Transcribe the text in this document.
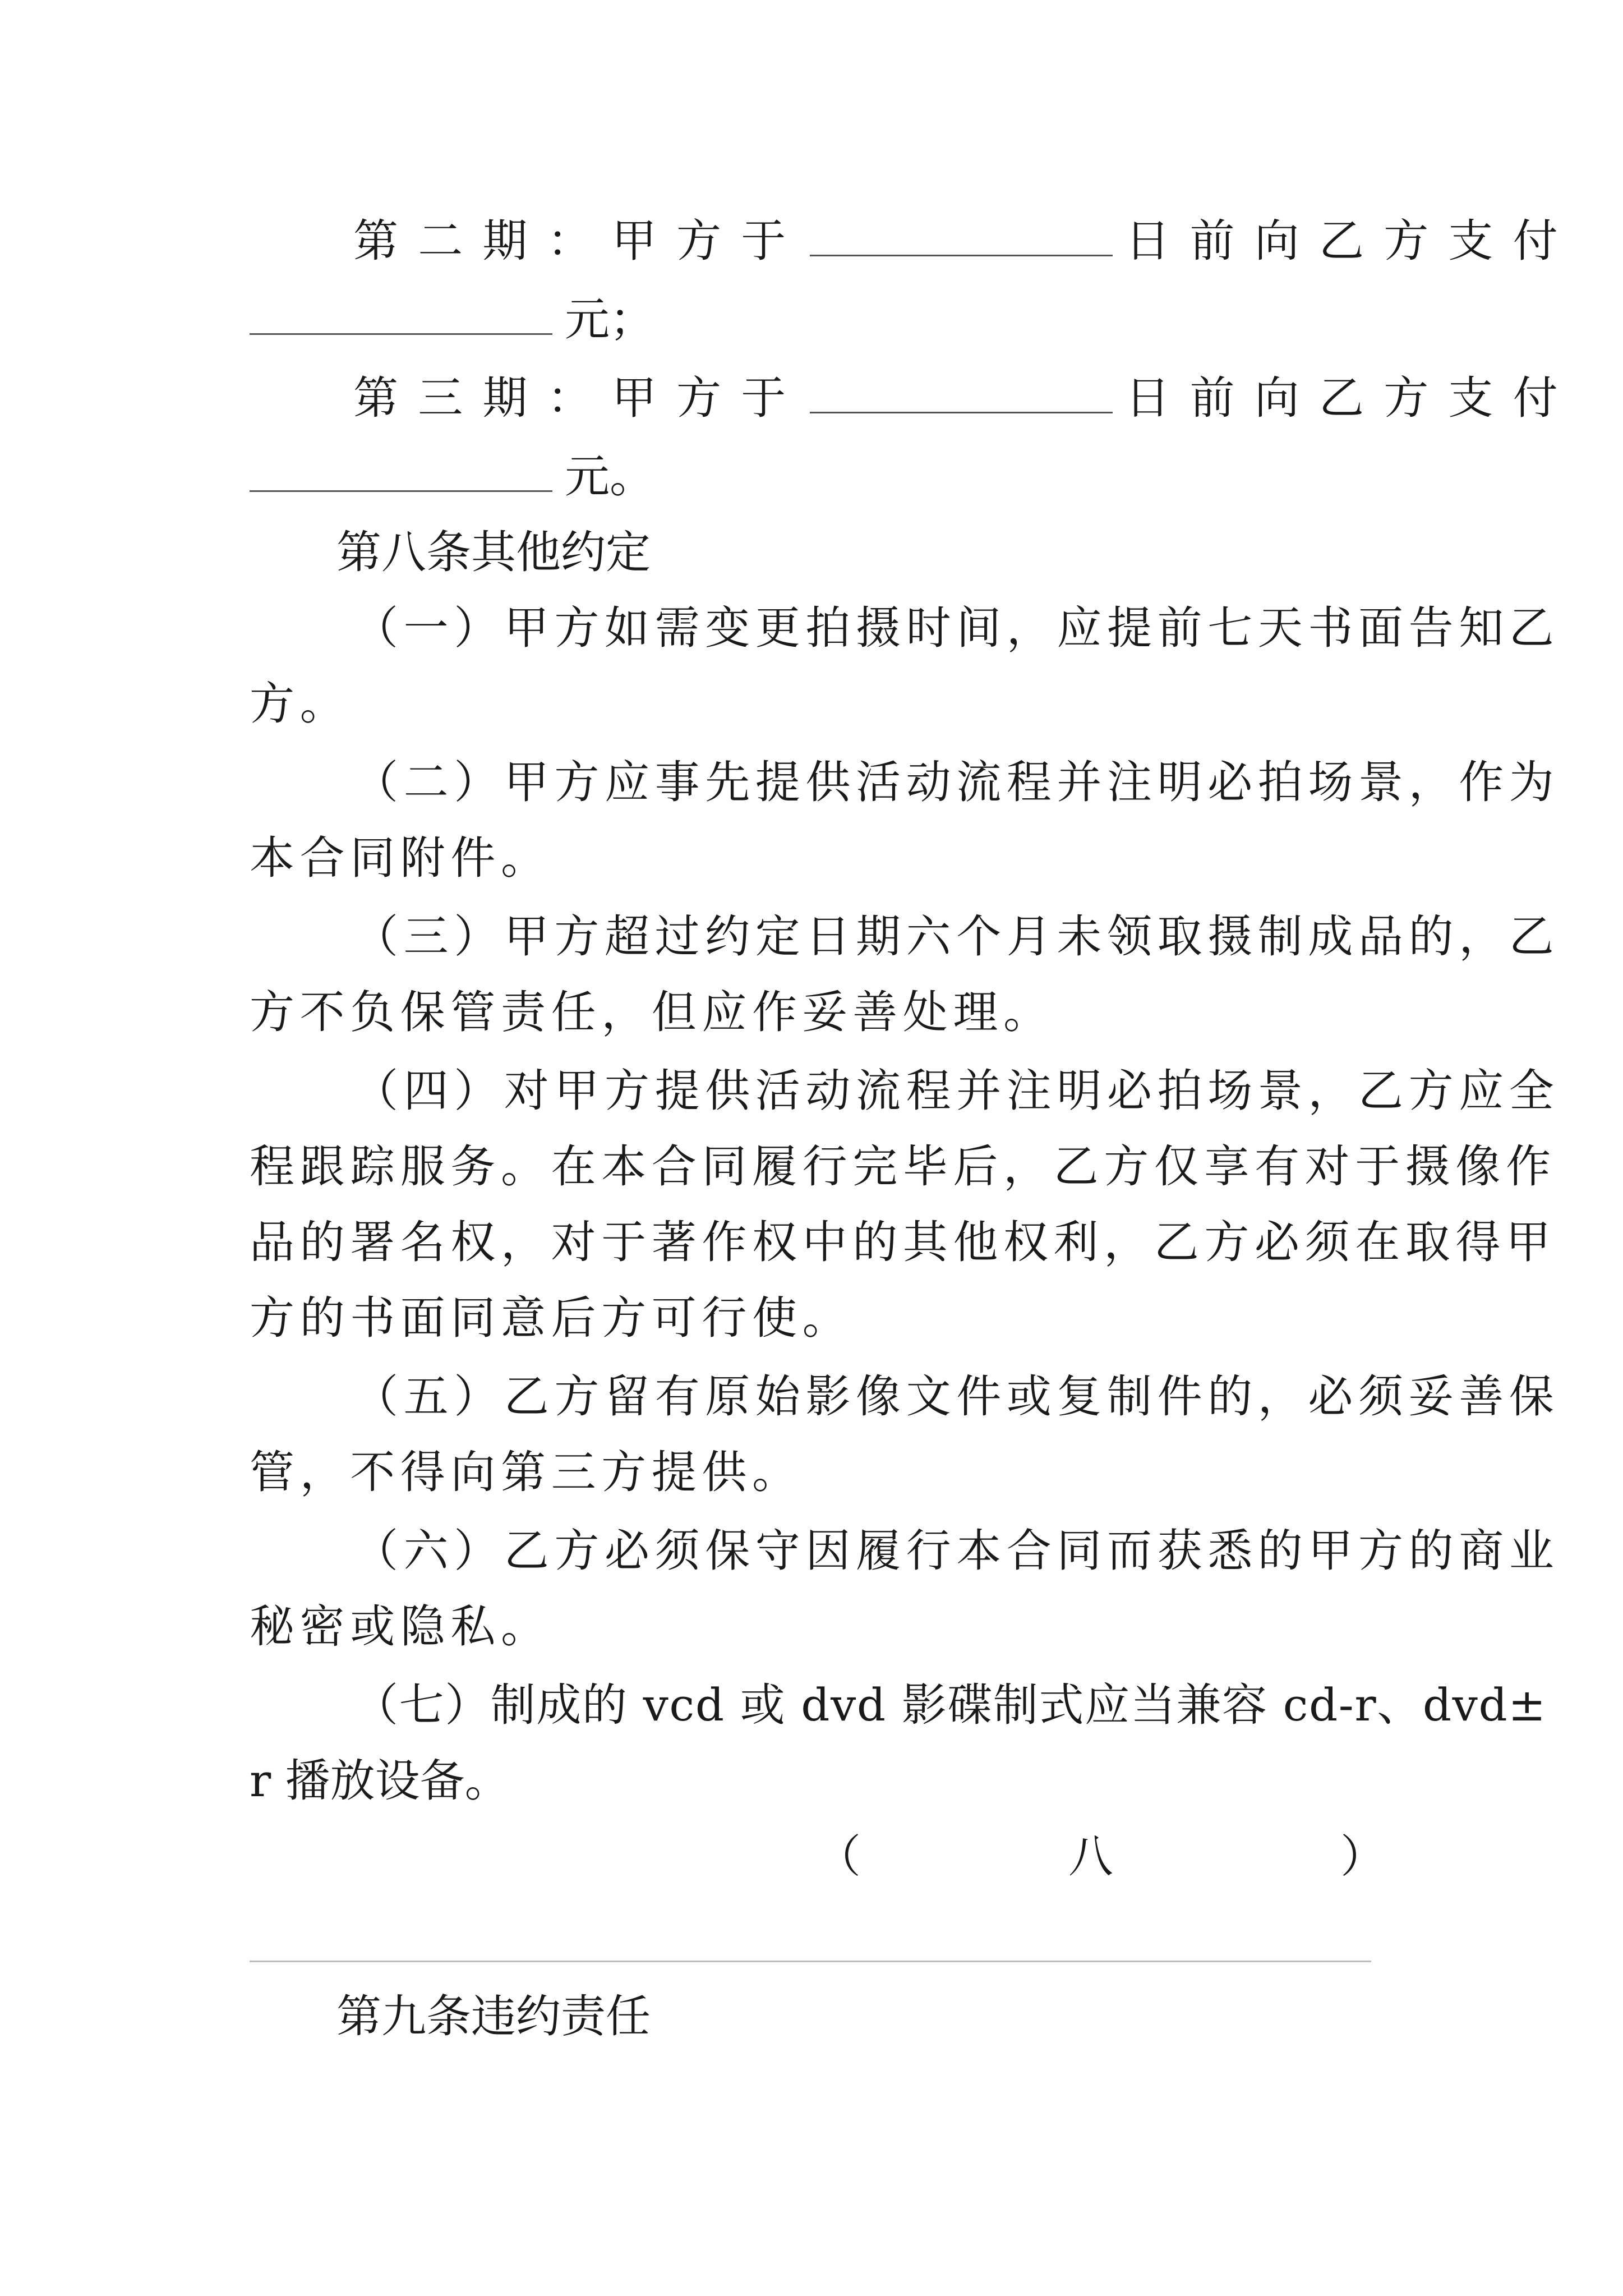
第二期：甲方于	日前向乙方支付
元；
第三期：甲方于	日前向乙方支付
元。
第八条其他约定
（一）甲方如需变更拍摄时间，应提前七天书面告知乙
方。
（二）甲方应事先提供活动流程并注明必拍场景，作为
本合同附件。
（三）甲方超过约定日期六个月未领取摄制成品的，乙
方不负保管责任，但应作妥善处理。
（四）对甲方提供活动流程并注明必拍场景，乙方应全
程跟踪服务。在本合同履行完毕后，乙方仅享有对于摄像作
品的署名权，对于著作权中的其他权利，乙方必须在取得甲
方的书面同意后方可行使。
（五）乙方留有原始影像文件或复制件的，必须妥善保
管，不得向第三方提供。
（六）乙方必须保守因履行本合同而获悉的甲方的商业
秘密或隐私。
（七）制成的 vcd 或 dvd 影碟制式应当兼容 cd-r、dvd±
r 播放设备。
（	八	）
第九条违约责任
